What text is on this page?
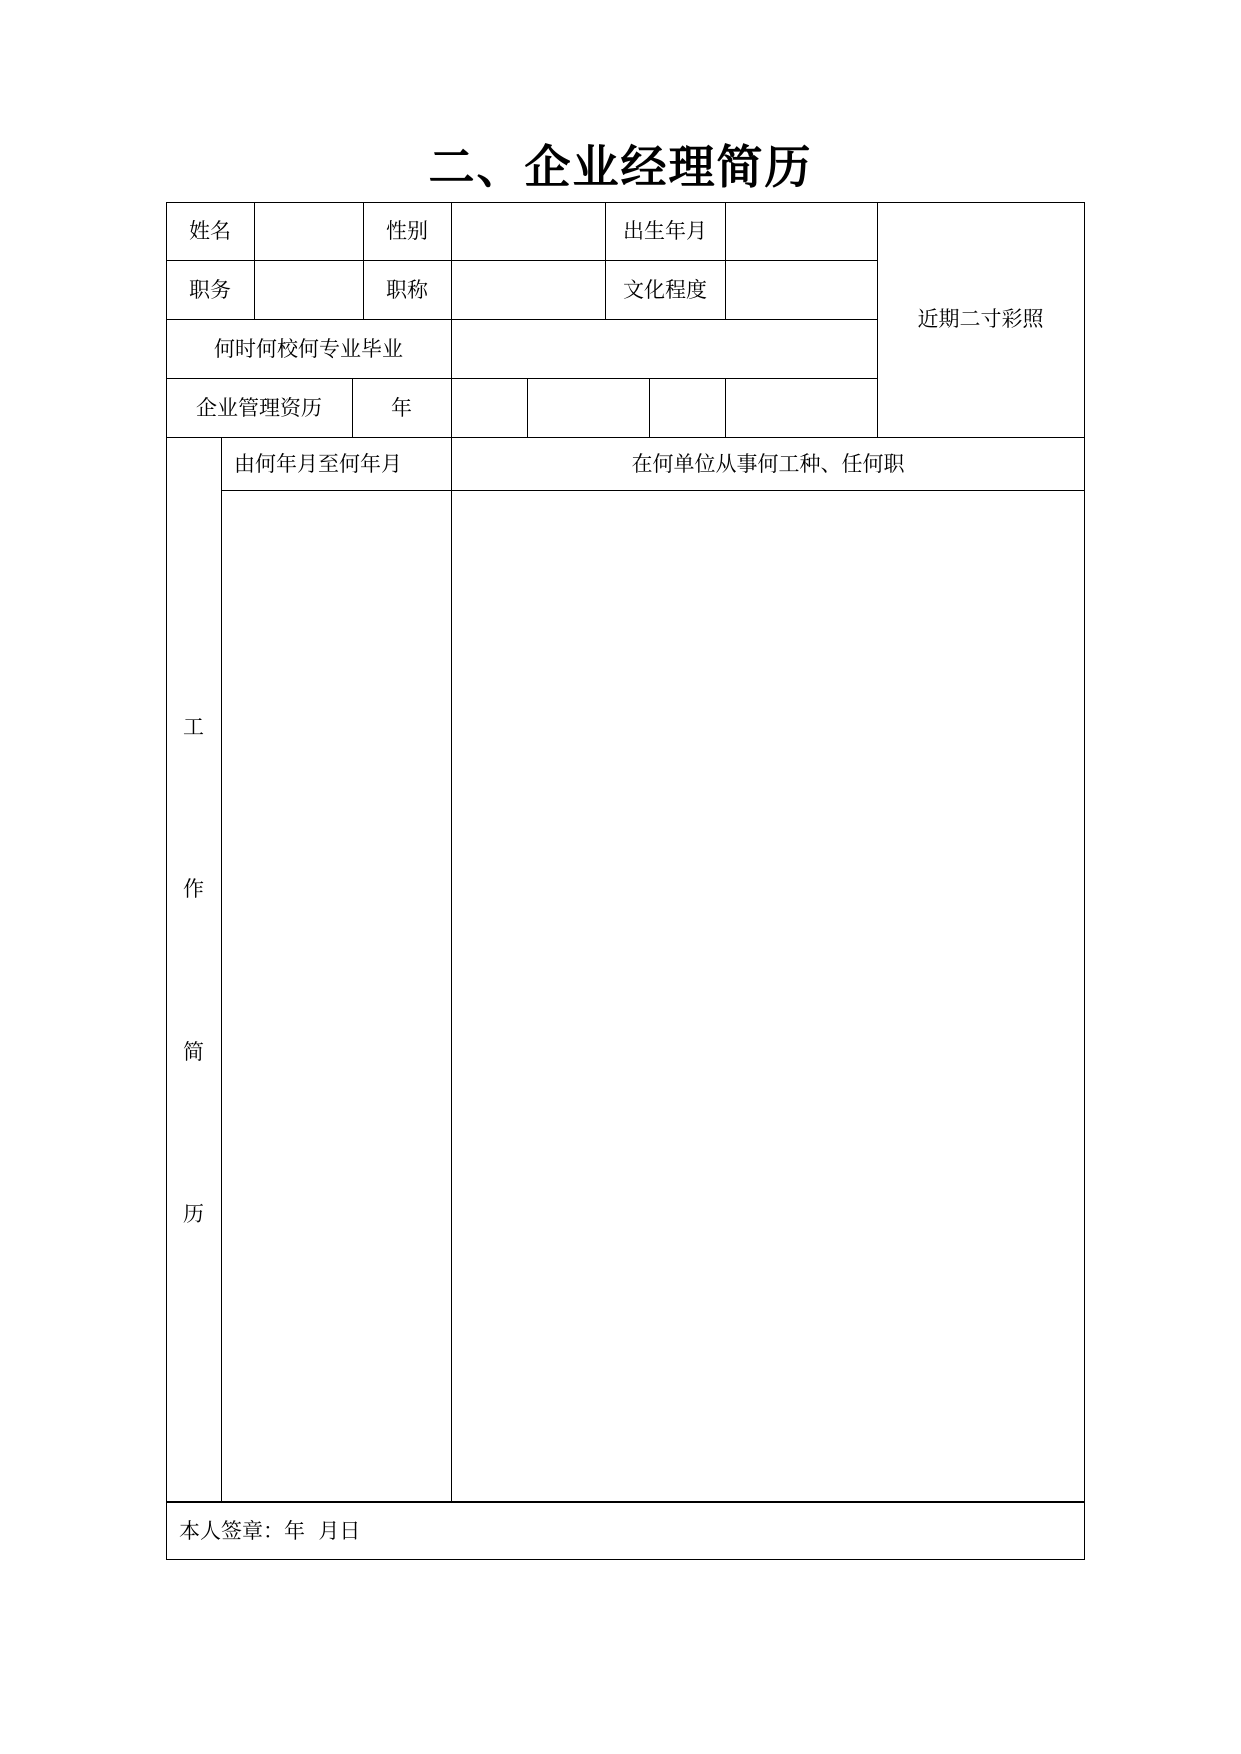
二、企业经理简历
姓名	性别	出生年月
职务	职称	文化程度
近期二寸彩照
何时何校何专业毕业
企业管理资历	年
由何年月至何年月	在何单位从事何工种、任何职
工
作
简
历
本人签章：年  月日
